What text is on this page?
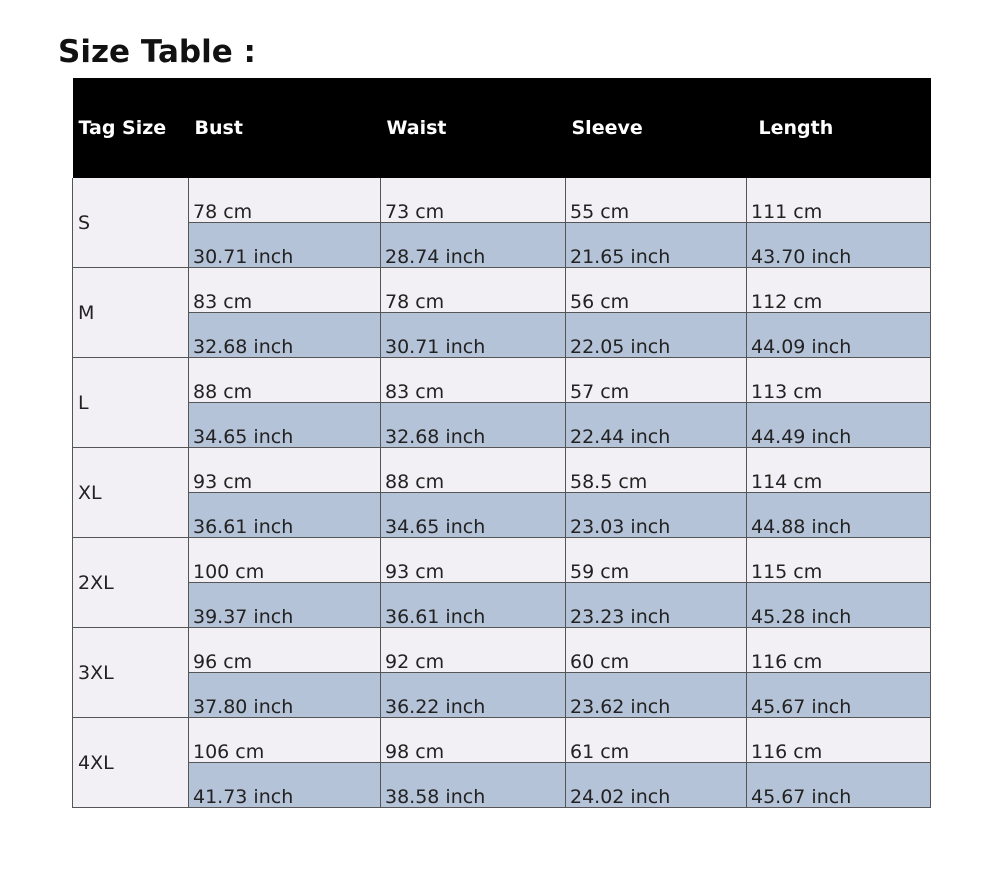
Size Table :
Tag Size	Bust	Waist	Sleeve	Length
S	78 cm	73 cm	55 cm	111 cm
	30.71 inch	28.74 inch	21.65 inch	43.70 inch
M	83 cm	78 cm	56 cm	112 cm
	32.68 inch	30.71 inch	22.05 inch	44.09 inch
L	88 cm	83 cm	57 cm	113 cm
	34.65 inch	32.68 inch	22.44 inch	44.49 inch
XL	93 cm	88 cm	58.5 cm	114 cm
	36.61 inch	34.65 inch	23.03 inch	44.88 inch
2XL	100 cm	93 cm	59 cm	115 cm
	39.37 inch	36.61 inch	23.23 inch	45.28 inch
3XL	96 cm	92 cm	60 cm	116 cm
	37.80 inch	36.22 inch	23.62 inch	45.67 inch
4XL	106 cm	98 cm	61 cm	116 cm
	41.73 inch	38.58 inch	24.02 inch	45.67 inch
